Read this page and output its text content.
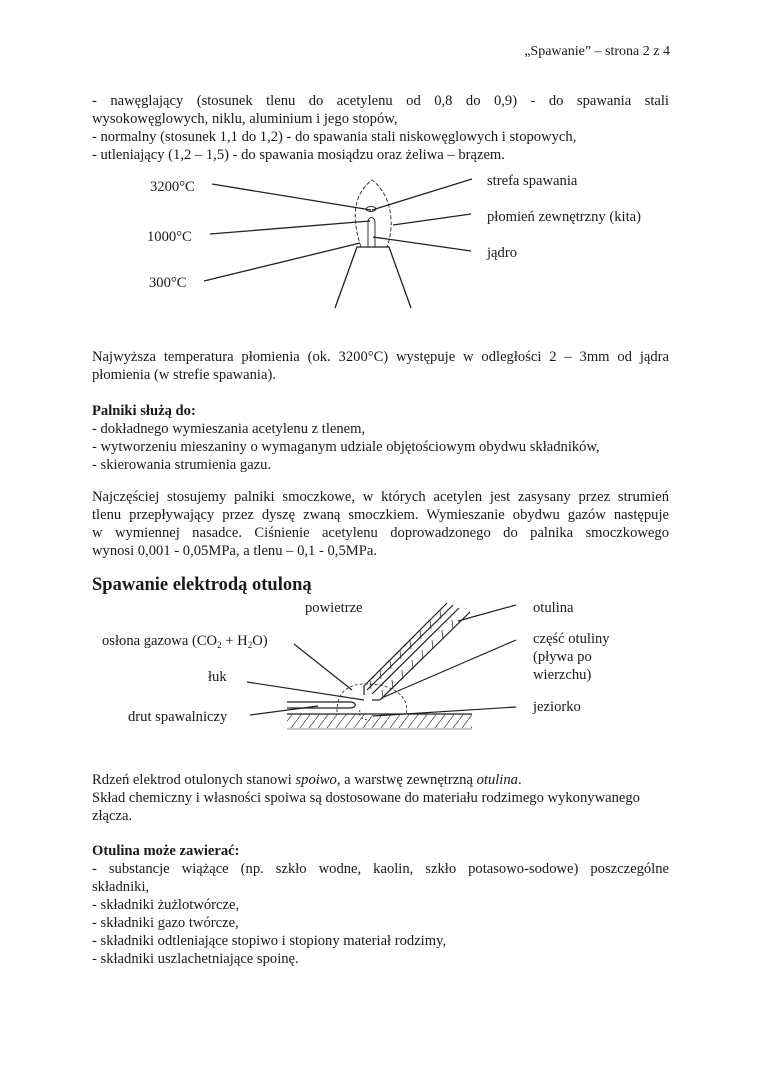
„Spawanie” – strona 2 z 4
- nawęglający (stosunek tlenu do acetylenu od 0,8 do 0,9) - do spawania stali
wysokowęglowych, niklu, aluminium i jego stopów,
- normalny (stosunek 1,1 do 1,2) - do spawania stali niskowęglowych i stopowych,
- utleniający (1,2 – 1,5) - do spawania mosiądzu oraz żeliwa – brązem.
3200°C
1000°C
300°C
strefa spawania
płomień zewnętrzny (kita)
jądro
Najwyższa temperatura płomienia (ok. 3200°C) występuje w odległości 2 – 3mm od jądra
płomienia (w strefie spawania).
Palniki służą do:
- dokładnego wymieszania acetylenu z tlenem,
- wytworzeniu mieszaniny o wymaganym udziale objętościowym obydwu składników,
- skierowania strumienia gazu.
Najczęściej stosujemy palniki smoczkowe, w których acetylen jest zasysany przez strumień
tlenu przepływający przez dyszę zwaną smoczkiem. Wymieszanie obydwu gazów następuje
w wymiennej nasadce. Ciśnienie acetylenu doprowadzonego do palnika smoczkowego
wynosi 0,001 - 0,05MPa, a tlenu – 0,1 - 0,5MPa.
Spawanie elektrodą otuloną
powietrze
osłona gazowa $(CO_2 + H_2O)$
łuk
drut spawalniczy
otulina
część otuliny
(pływa po
wierzchu)
jeziorko
Rdzeń elektrod otulonych stanowi spoiwo, a warstwę zewnętrzną otulina.
Skład chemiczny i własności spoiwa są dostosowane do materiału rodzimego wykonywanego
złącza.
Otulina może zawierać:
- substancje wiążące (np. szkło wodne, kaolin, szkło potasowo-sodowe) poszczególne
składniki,
- składniki żużlotwórcze,
- składniki gazo twórcze,
- składniki odtleniające stopiwo i stopiony materiał rodzimy,
- składniki uszlachetniające spoinę.
